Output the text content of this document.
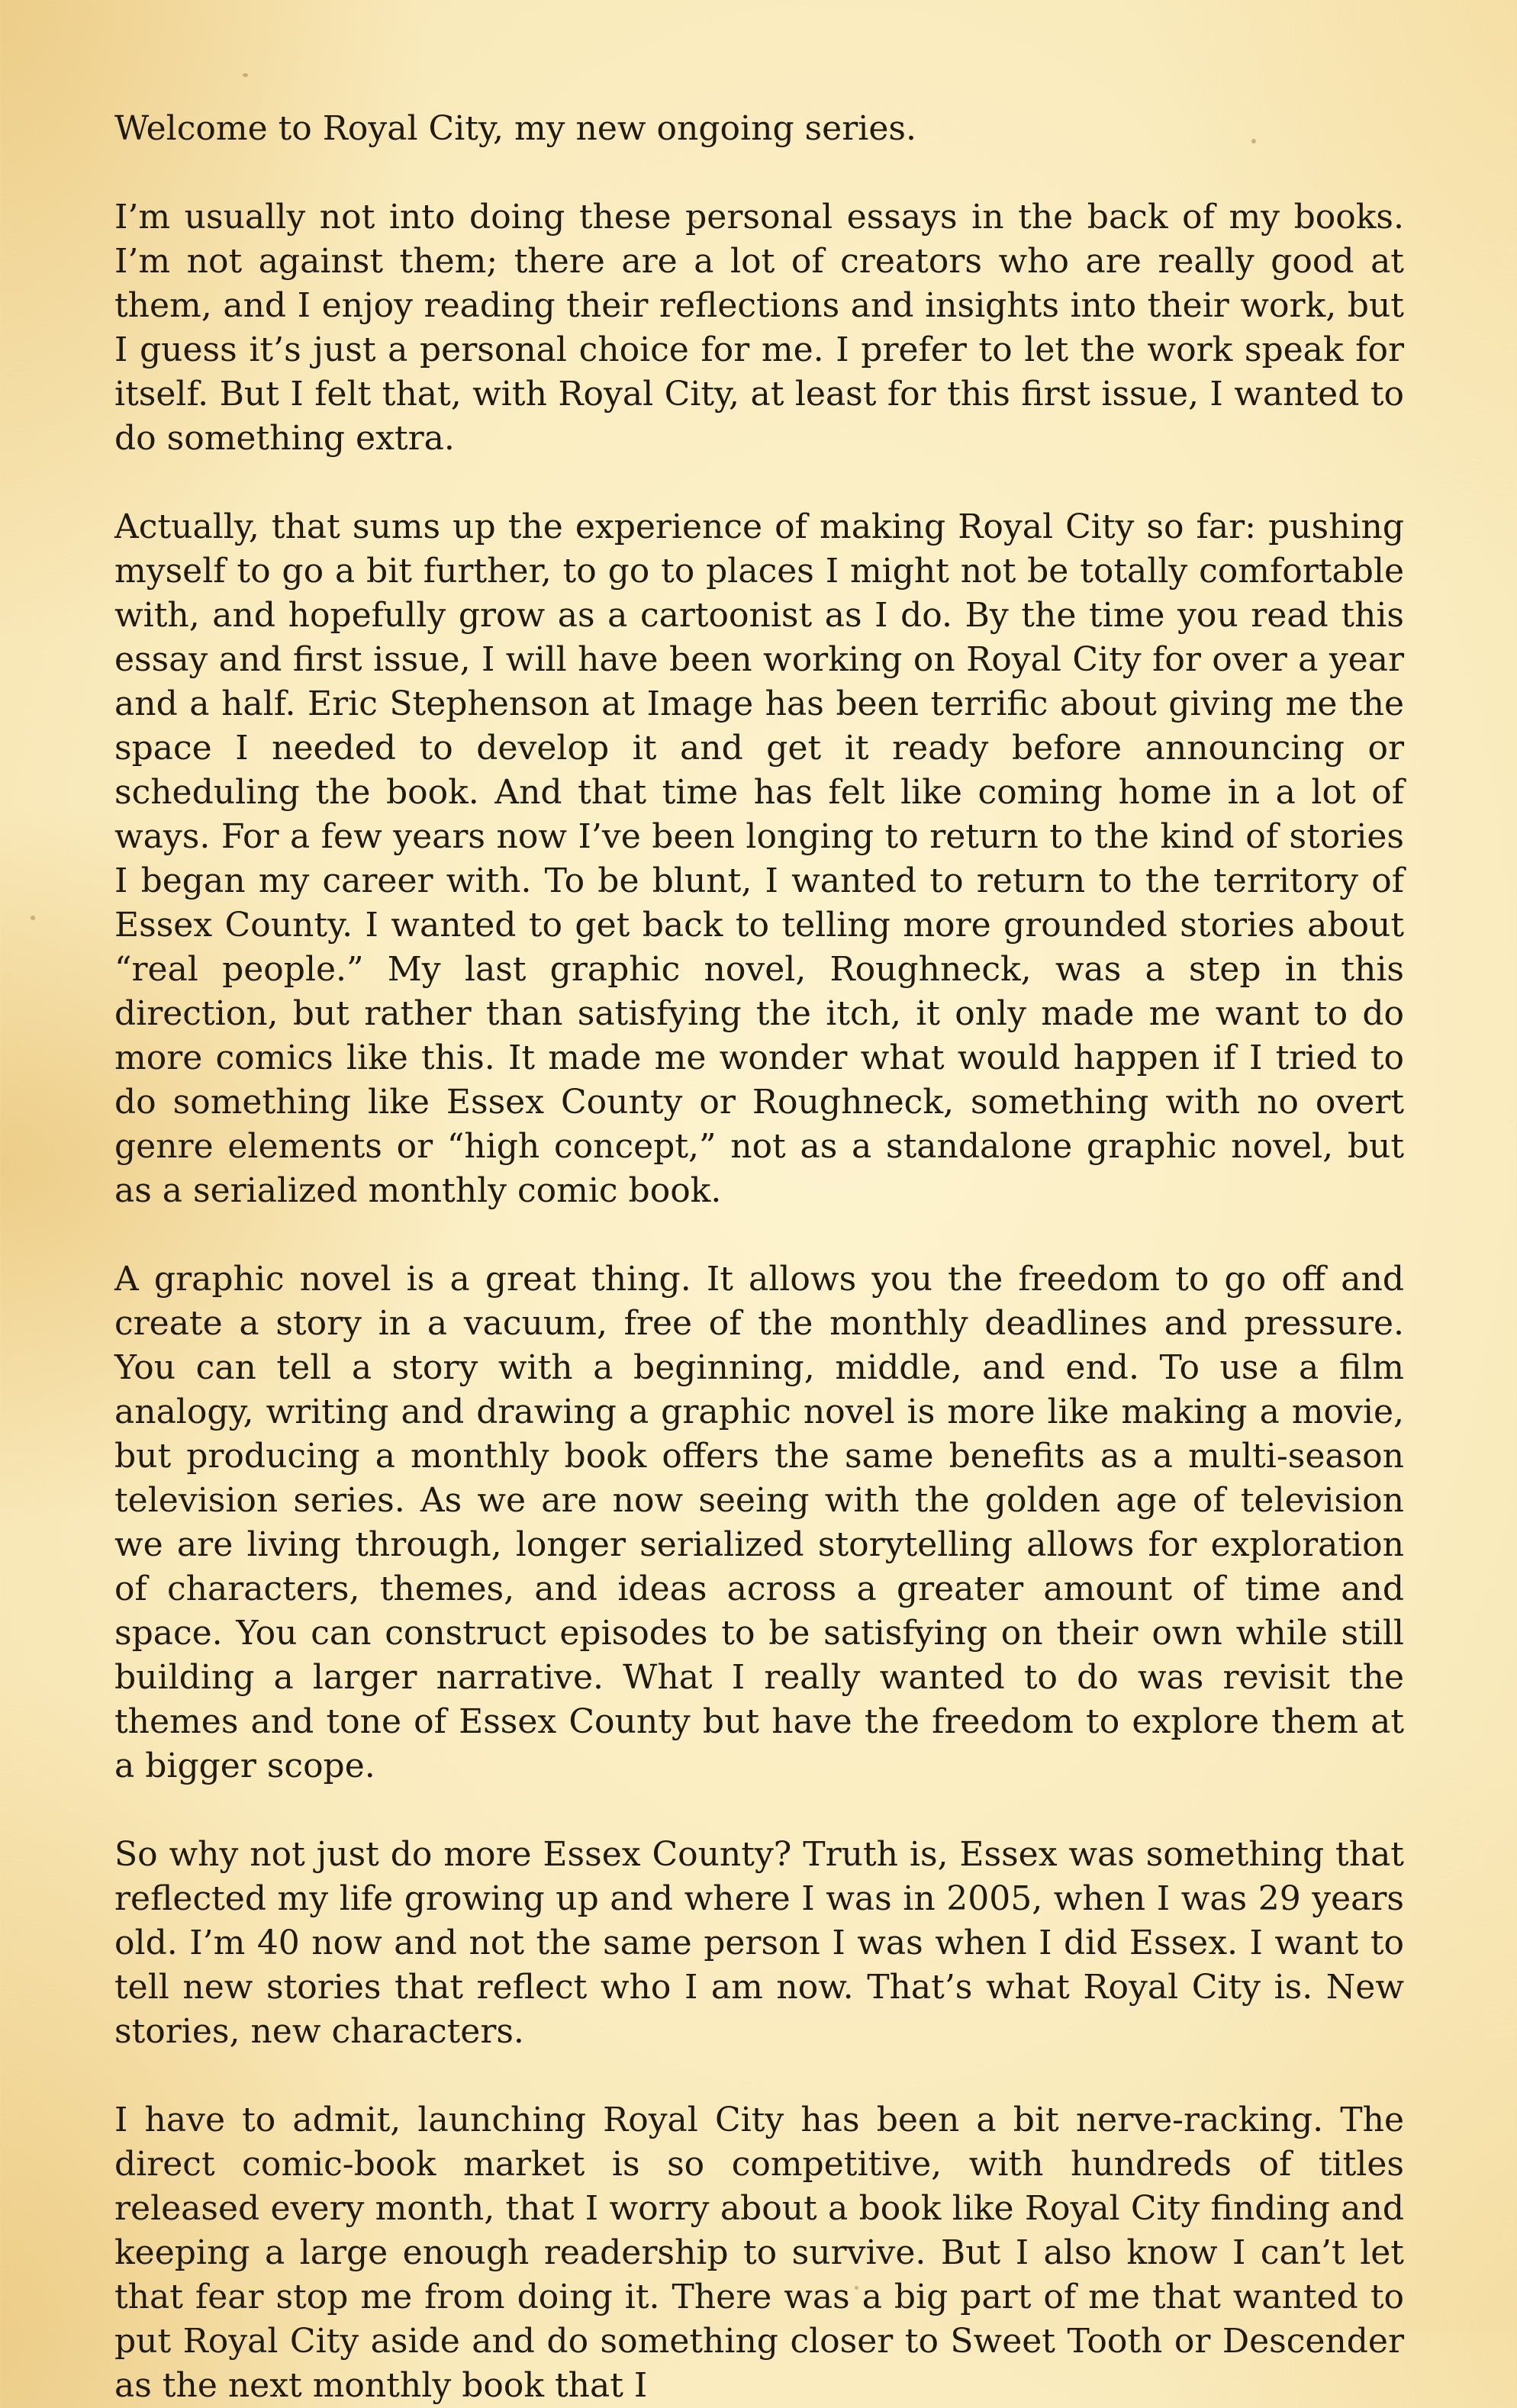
Welcome to Royal City, my new ongoing series.

I’m usually not into doing these personal essays in the back of my books. I’m not against them; there are a lot of creators who are really good at them, and I enjoy reading their reflections and insights into their work, but I guess it’s just a personal choice for me. I prefer to let the work speak for itself. But I felt that, with Royal City, at least for this first issue, I wanted to do something extra.

Actually, that sums up the experience of making Royal City so far: pushing myself to go a bit further, to go to places I might not be totally comfortable with, and hopefully grow as a cartoonist as I do. By the time you read this essay and first issue, I will have been working on Royal City for over a year and a half. Eric Stephenson at Image has been terrific about giving me the space I needed to develop it and get it ready before announcing or scheduling the book. And that time has felt like coming home in a lot of ways. For a few years now I’ve been longing to return to the kind of stories I began my career with. To be blunt, I wanted to return to the territory of Essex County. I wanted to get back to telling more grounded stories about “real people.” My last graphic novel, Roughneck, was a step in this direction, but rather than satisfying the itch, it only made me want to do more comics like this. It made me wonder what would happen if I tried to do something like Essex County or Roughneck, something with no overt genre elements or “high concept,” not as a standalone graphic novel, but as a serialized monthly comic book.

A graphic novel is a great thing. It allows you the freedom to go off and create a story in a vacuum, free of the monthly deadlines and pressure. You can tell a story with a beginning, middle, and end. To use a film analogy, writing and drawing a graphic novel is more like making a movie, but producing a monthly book offers the same benefits as a multi-season television series. As we are now seeing with the golden age of television we are living through, longer serialized storytelling allows for exploration of characters, themes, and ideas across a greater amount of time and space. You can construct episodes to be satisfying on their own while still building a larger narrative. What I really wanted to do was revisit the themes and tone of Essex County but have the freedom to explore them at a bigger scope.

So why not just do more Essex County? Truth is, Essex was something that reflected my life growing up and where I was in 2005, when I was 29 years old. I’m 40 now and not the same person I was when I did Essex. I want to tell new stories that reflect who I am now. That’s what Royal City is. New stories, new characters.

I have to admit, launching Royal City has been a bit nerve-racking. The direct comic-book market is so competitive, with hundreds of titles released every month, that I worry about a book like Royal City finding and keeping a large enough readership to survive. But I also know I can’t let that fear stop me from doing it. There was a big part of me that wanted to put Royal City aside and do something closer to Sweet Tooth or Descender as the next monthly book that I
